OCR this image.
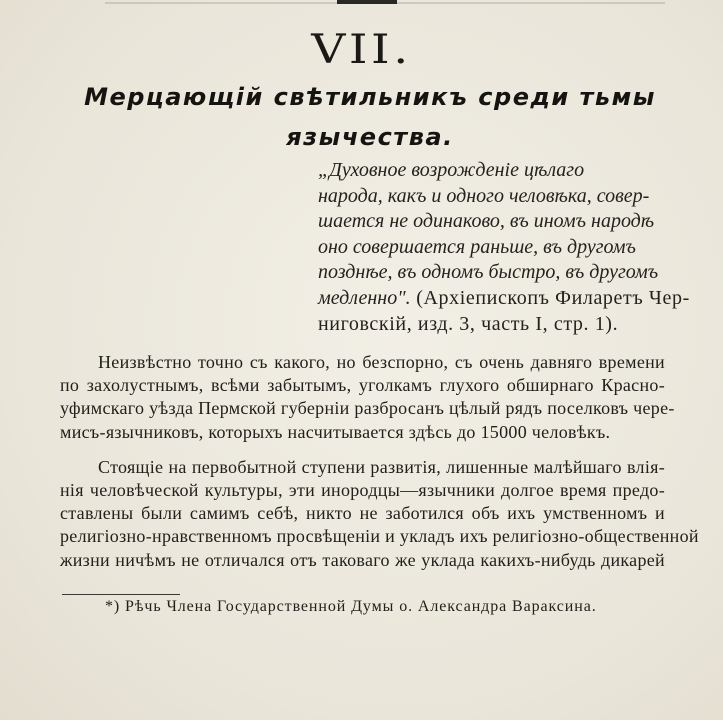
VII.
Мерцающій свѣтильникъ среди тьмы
язычества.
„Духовное возрожденіе цѣлаго
народа, какъ и одного человѣка, совер-
шается не одинаково, въ иномъ народѣ
оно совершается раньше, въ другомъ
позднѣе, въ одномъ быстро, въ другомъ
медленно". (Архіепископъ Филаретъ Чер-
ниговскій, изд. 3, часть І, стр. 1).
Неизвѣстно точно съ какого, но безспорно, съ очень давняго времени
по захолустнымъ, всѣми забытымъ, уголкамъ глухого обширнаго Красно-
уфимскаго уѣзда Пермской губерніи разбросанъ цѣлый рядъ поселковъ чере-
мисъ-язычниковъ, которыхъ насчитывается здѣсь до 15000 человѣкъ.
Стоящіе на первобытной ступени развитія, лишенные малѣйшаго влія-
нія человѣческой культуры, эти инородцы—язычники долгое время предо-
ставлены были самимъ себѣ, никто не заботился объ ихъ умственномъ и
религіозно-нравственномъ просвѣщеніи и укладъ ихъ религіозно-общественной
жизни ничѣмъ не отличался отъ таковаго же уклада какихъ-нибудь дикарей
*) Рѣчь Члена Государственной Думы о. Александра Вараксина.
